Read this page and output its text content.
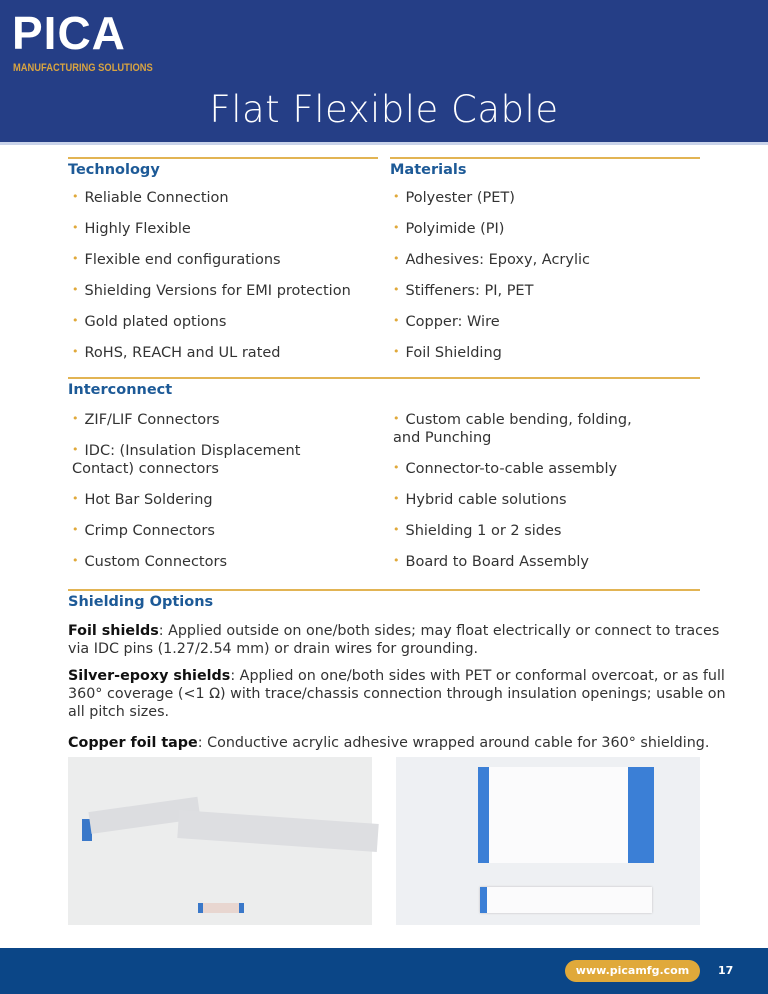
PICA
MANUFACTURING SOLUTIONS
Flat Flexible Cable
Technology	Materials
• Reliable Connection
• Highly Flexible
• Flexible end configurations
• Shielding Versions for EMI protection
• Gold plated options
• RoHS, REACH and UL rated
• Polyester (PET)
• Polyimide (PI)
• Adhesives: Epoxy, Acrylic
• Stiffeners: PI, PET
• Copper: Wire
• Foil Shielding
Interconnect
• ZIF/LIF Connectors
• IDC: (Insulation Displacement Contact) connectors
• Hot Bar Soldering
• Crimp Connectors
• Custom Connectors
• Custom cable bending, folding, and Punching
• Connector-to-cable assembly
• Hybrid cable solutions
• Shielding 1 or 2 sides
• Board to Board Assembly
Shielding Options
Foil shields: Applied outside on one/both sides; may float electrically or connect to traces via IDC pins (1.27/2.54 mm) or drain wires for grounding.
Silver-epoxy shields: Applied on one/both sides with PET or conformal overcoat, or as full 360° coverage (<1 Ω) with trace/chassis connection through insulation openings; usable on all pitch sizes.
Copper foil tape: Conductive acrylic adhesive wrapped around cable for 360° shielding.
www.picamfg.com	17
